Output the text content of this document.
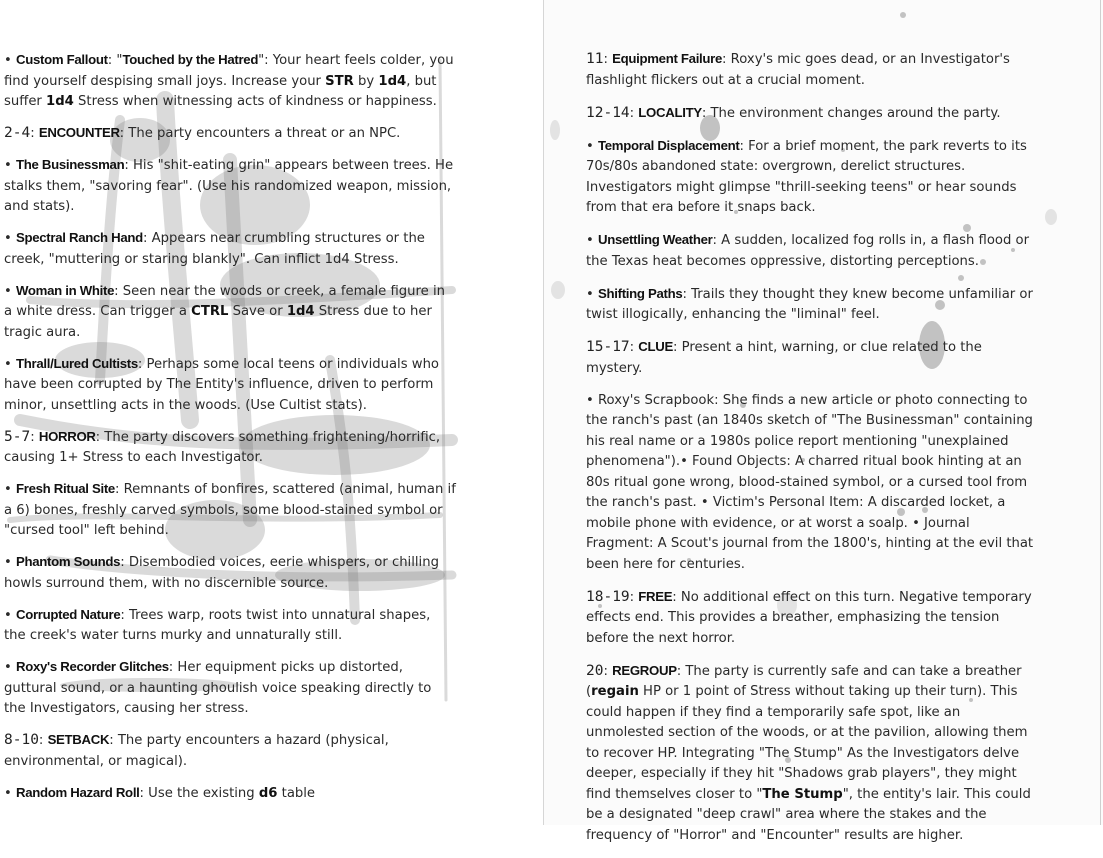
• Custom Fallout: "Touched by the Hatred": Your heart feels colder, you find yourself despising small joys. Increase your STR by 1d4, but suffer 1d4 Stress when witnessing acts of kindness or happiness.

2-4: ENCOUNTER: The party encounters a threat or an NPC.

• The Businessman: His "shit-eating grin" appears between trees. He stalks them, "savoring fear". (Use his randomized weapon, mission, and stats).

• Spectral Ranch Hand: Appears near crumbling structures or the creek, "muttering or staring blankly". Can inflict 1d4 Stress.

• Woman in White: Seen near the woods or creek, a female figure in a white dress. Can trigger a CTRL Save or 1d4 Stress due to her tragic aura.

• Thrall/Lured Cultists: Perhaps some local teens or individuals who have been corrupted by The Entity's influence, driven to perform minor, unsettling acts in the woods. (Use Cultist stats).

5-7: HORROR: The party discovers something frightening/horrific, causing 1+ Stress to each Investigator.

• Fresh Ritual Site: Remnants of bonfires, scattered (animal, human if a 6) bones, freshly carved symbols, some blood-stained symbol or "cursed tool" left behind.

• Phantom Sounds: Disembodied voices, eerie whispers, or chilling howls surround them, with no discernible source.

• Corrupted Nature: Trees warp, roots twist into unnatural shapes, the creek's water turns murky and unnaturally still.

• Roxy's Recorder Glitches: Her equipment picks up distorted, guttural sound, or a haunting ghoulish voice speaking directly to the Investigators, causing her stress.

8-10: SETBACK: The party encounters a hazard (physical, environmental, or magical).

• Random Hazard Roll: Use the existing d6 table

11: Equipment Failure: Roxy's mic goes dead, or an Investigator's flashlight flickers out at a crucial moment.

12-14: LOCALITY: The environment changes around the party.

• Temporal Displacement: For a brief moment, the park reverts to its 70s/80s abandoned state: overgrown, derelict structures. Investigators might glimpse "thrill-seeking teens" or hear sounds from that era before it snaps back.

• Unsettling Weather: A sudden, localized fog rolls in, a flash flood or the Texas heat becomes oppressive, distorting perceptions.

• Shifting Paths: Trails they thought they knew become unfamiliar or twist illogically, enhancing the "liminal" feel.

15-17: CLUE: Present a hint, warning, or clue related to the mystery.

• Roxy's Scrapbook: She finds a new article or photo connecting to the ranch's past (an 1840s sketch of "The Businessman" containing his real name or a 1980s police report mentioning "unexplained phenomena").• Found Objects: A charred ritual book hinting at an 80s ritual gone wrong, blood-stained symbol, or a cursed tool from the ranch's past. • Victim's Personal Item: A discarded locket, a mobile phone with evidence, or at worst a soalp. • Journal Fragment: A Scout's journal from the 1800's, hinting at the evil that been here for centuries.

18-19: FREE: No additional effect on this turn. Negative temporary effects end. This provides a breather, emphasizing the tension before the next horror.

20: REGROUP: The party is currently safe and can take a breather (regain HP or 1 point of Stress without taking up their turn). This could happen if they find a temporarily safe spot, like an unmolested section of the woods, or at the pavilion, allowing them to recover HP. Integrating "The Stump" As the Investigators delve deeper, especially if they hit "Shadows grab players", they might find themselves closer to "The Stump", the entity's lair. This could be a designated "deep crawl" area where the stakes and the frequency of "Horror" and "Encounter" results are higher.
